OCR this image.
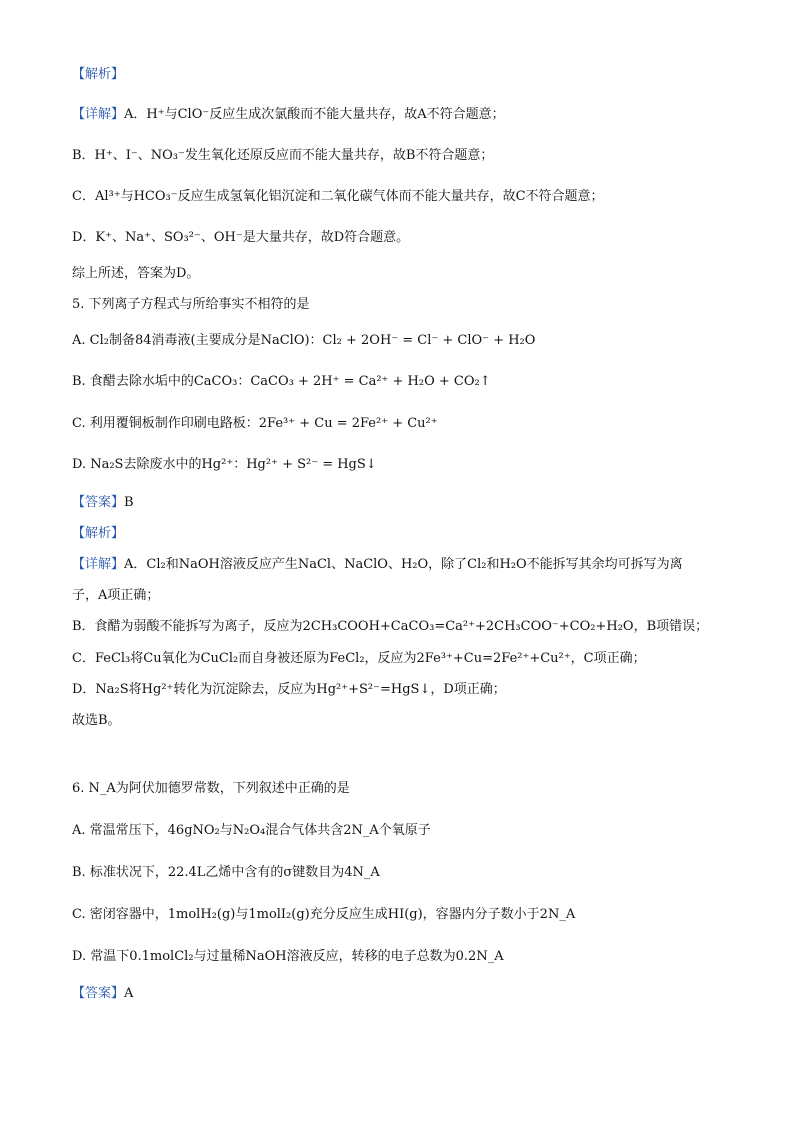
【解析】
【详解】A．H⁺与ClO⁻反应生成次氯酸而不能大量共存，故A不符合题意；
B．H⁺、I⁻、NO₃⁻发生氧化还原反应而不能大量共存，故B不符合题意；
C．Al³⁺与HCO₃⁻反应生成氢氧化铝沉淀和二氧化碳气体而不能大量共存，故C不符合题意；
D．K⁺、Na⁺、SO₃²⁻、OH⁻是大量共存，故D符合题意。
综上所述，答案为D。
5. 下列离子方程式与所给事实不相符的是
A. Cl₂制备84消毒液(主要成分是NaClO)：Cl₂ + 2OH⁻ = Cl⁻ + ClO⁻ + H₂O
B. 食醋去除水垢中的CaCO₃：CaCO₃ + 2H⁺ = Ca²⁺ + H₂O + CO₂↑
C. 利用覆铜板制作印刷电路板：2Fe³⁺ + Cu = 2Fe²⁺ + Cu²⁺
D. Na₂S去除废水中的Hg²⁺：Hg²⁺ + S²⁻ = HgS↓
【答案】B
【解析】
【详解】A．Cl₂和NaOH溶液反应产生NaCl、NaClO、H₂O，除了Cl₂和H₂O不能拆写其余均可拆写为离
子，A项正确；
B．食醋为弱酸不能拆写为离子，反应为2CH₃COOH+CaCO₃=Ca²⁺+2CH₃COO⁻+CO₂+H₂O，B项错误；
C．FeCl₃将Cu氧化为CuCl₂而自身被还原为FeCl₂，反应为2Fe³⁺+Cu=2Fe²⁺+Cu²⁺，C项正确；
D．Na₂S将Hg²⁺转化为沉淀除去，反应为Hg²⁺+S²⁻=HgS↓，D项正确；
故选B。
6. N_A为阿伏加德罗常数，下列叙述中正确的是
A. 常温常压下，46gNO₂与N₂O₄混合气体共含2N_A个氧原子
B. 标准状况下，22.4L乙烯中含有的σ键数目为4N_A
C. 密闭容器中，1molH₂(g)与1molI₂(g)充分反应生成HI(g)，容器内分子数小于2N_A
D. 常温下0.1molCl₂与过量稀NaOH溶液反应，转移的电子总数为0.2N_A
【答案】A
